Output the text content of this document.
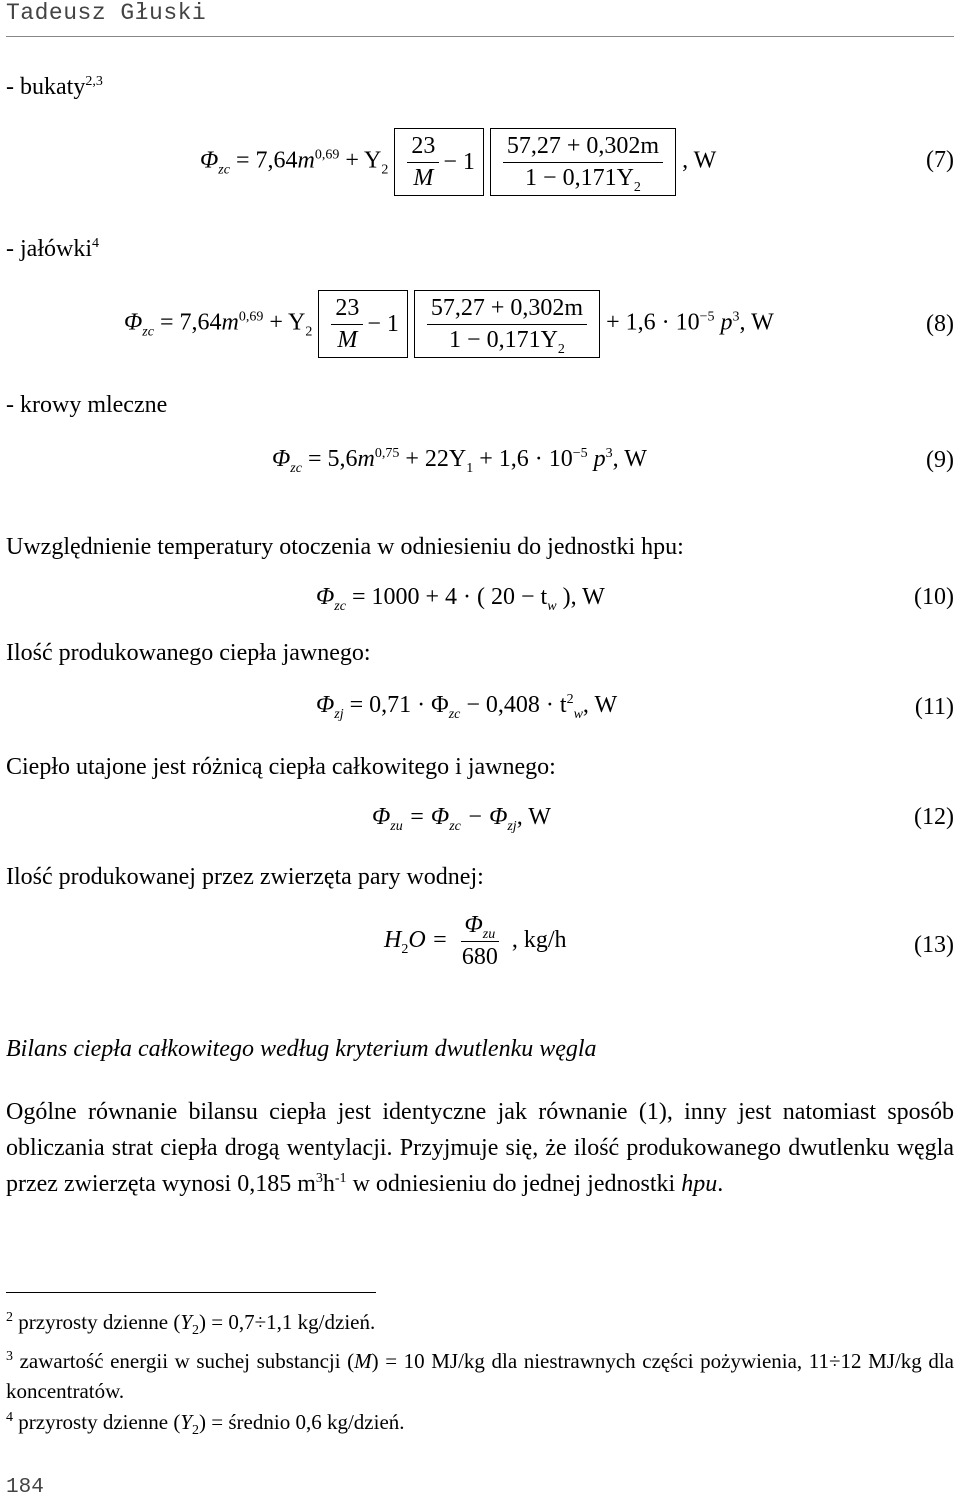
Tadeusz Głuski
- bukaty$^{2,3}$
$\Phi_{zc} = 7,64m^{0,69} + Y_2 \frac{23}{M} - 1$
$\frac{57,27 + 0,302m}{1 - 0,171Y_2}$ , W	(7)
- jałówki$^4$
$\Phi_{zc} = 7,64m^{0,69} + Y_2 \frac{23}{M} - 1$
$\frac{57,27 + 0,302m}{1 - 0,171Y_2} + 1,6 \cdot 10^{-5}$ $p^3$, W	(8)
- krowy mleczne
$\Phi_{zc} = 5,6m^{0,75} + 22Y_1 + 1,6 \cdot 10^{-5}$ $p^3$, W	(9)
Uwzględnienie temperatury otoczenia w odniesieniu do jednostki hpu:
$\Phi_{zc} = 1000 + 4$ · ( $20 - t_w$ ), W	(10)
Ilość produkowanego ciepła jawnego:
$\Phi_{zj} = 0,71 \cdot \Phi_{zc} - 0,408 \cdot t^2_w$, W	(11)
Ciepło utajone jest różnicą ciepła całkowitego i jawnego:
$\Phi_{zu} = \Phi_{zc} - \Phi_{zj}$, W	(12)
Ilość produkowanej przez zwierzęta pary wodnej:
$H_2O = \frac{\Phi_{zu}}{680}$ , kg/h	(13)
Bilans ciepła całkowitego według kryterium dwutlenku węgla
Ogólne równanie bilansu ciepła jest identyczne jak równanie (1), inny jest natomiast sposób obliczania strat ciepła drogą wentylacji. Przyjmuje się, że ilość produkowanego dwutlenku węgla przez zwierzęta wynosi 0,185 $m^3h^{-1}$ w odniesieniu do jednej jednostki hpu.
$^2$ przyrosty dzienne $(Y_2) = 0,7\div 1,1$ kg/dzień.
$^3$ zawartość energii w suchej substancji (M) = 10 MJ/kg dla niestrawnych części pożywienia, 11÷12 MJ/kg dla koncentratów.
$^4$ przyrosty dzienne $(Y_2)$ = średnio 0,6 kg/dzień.
184
